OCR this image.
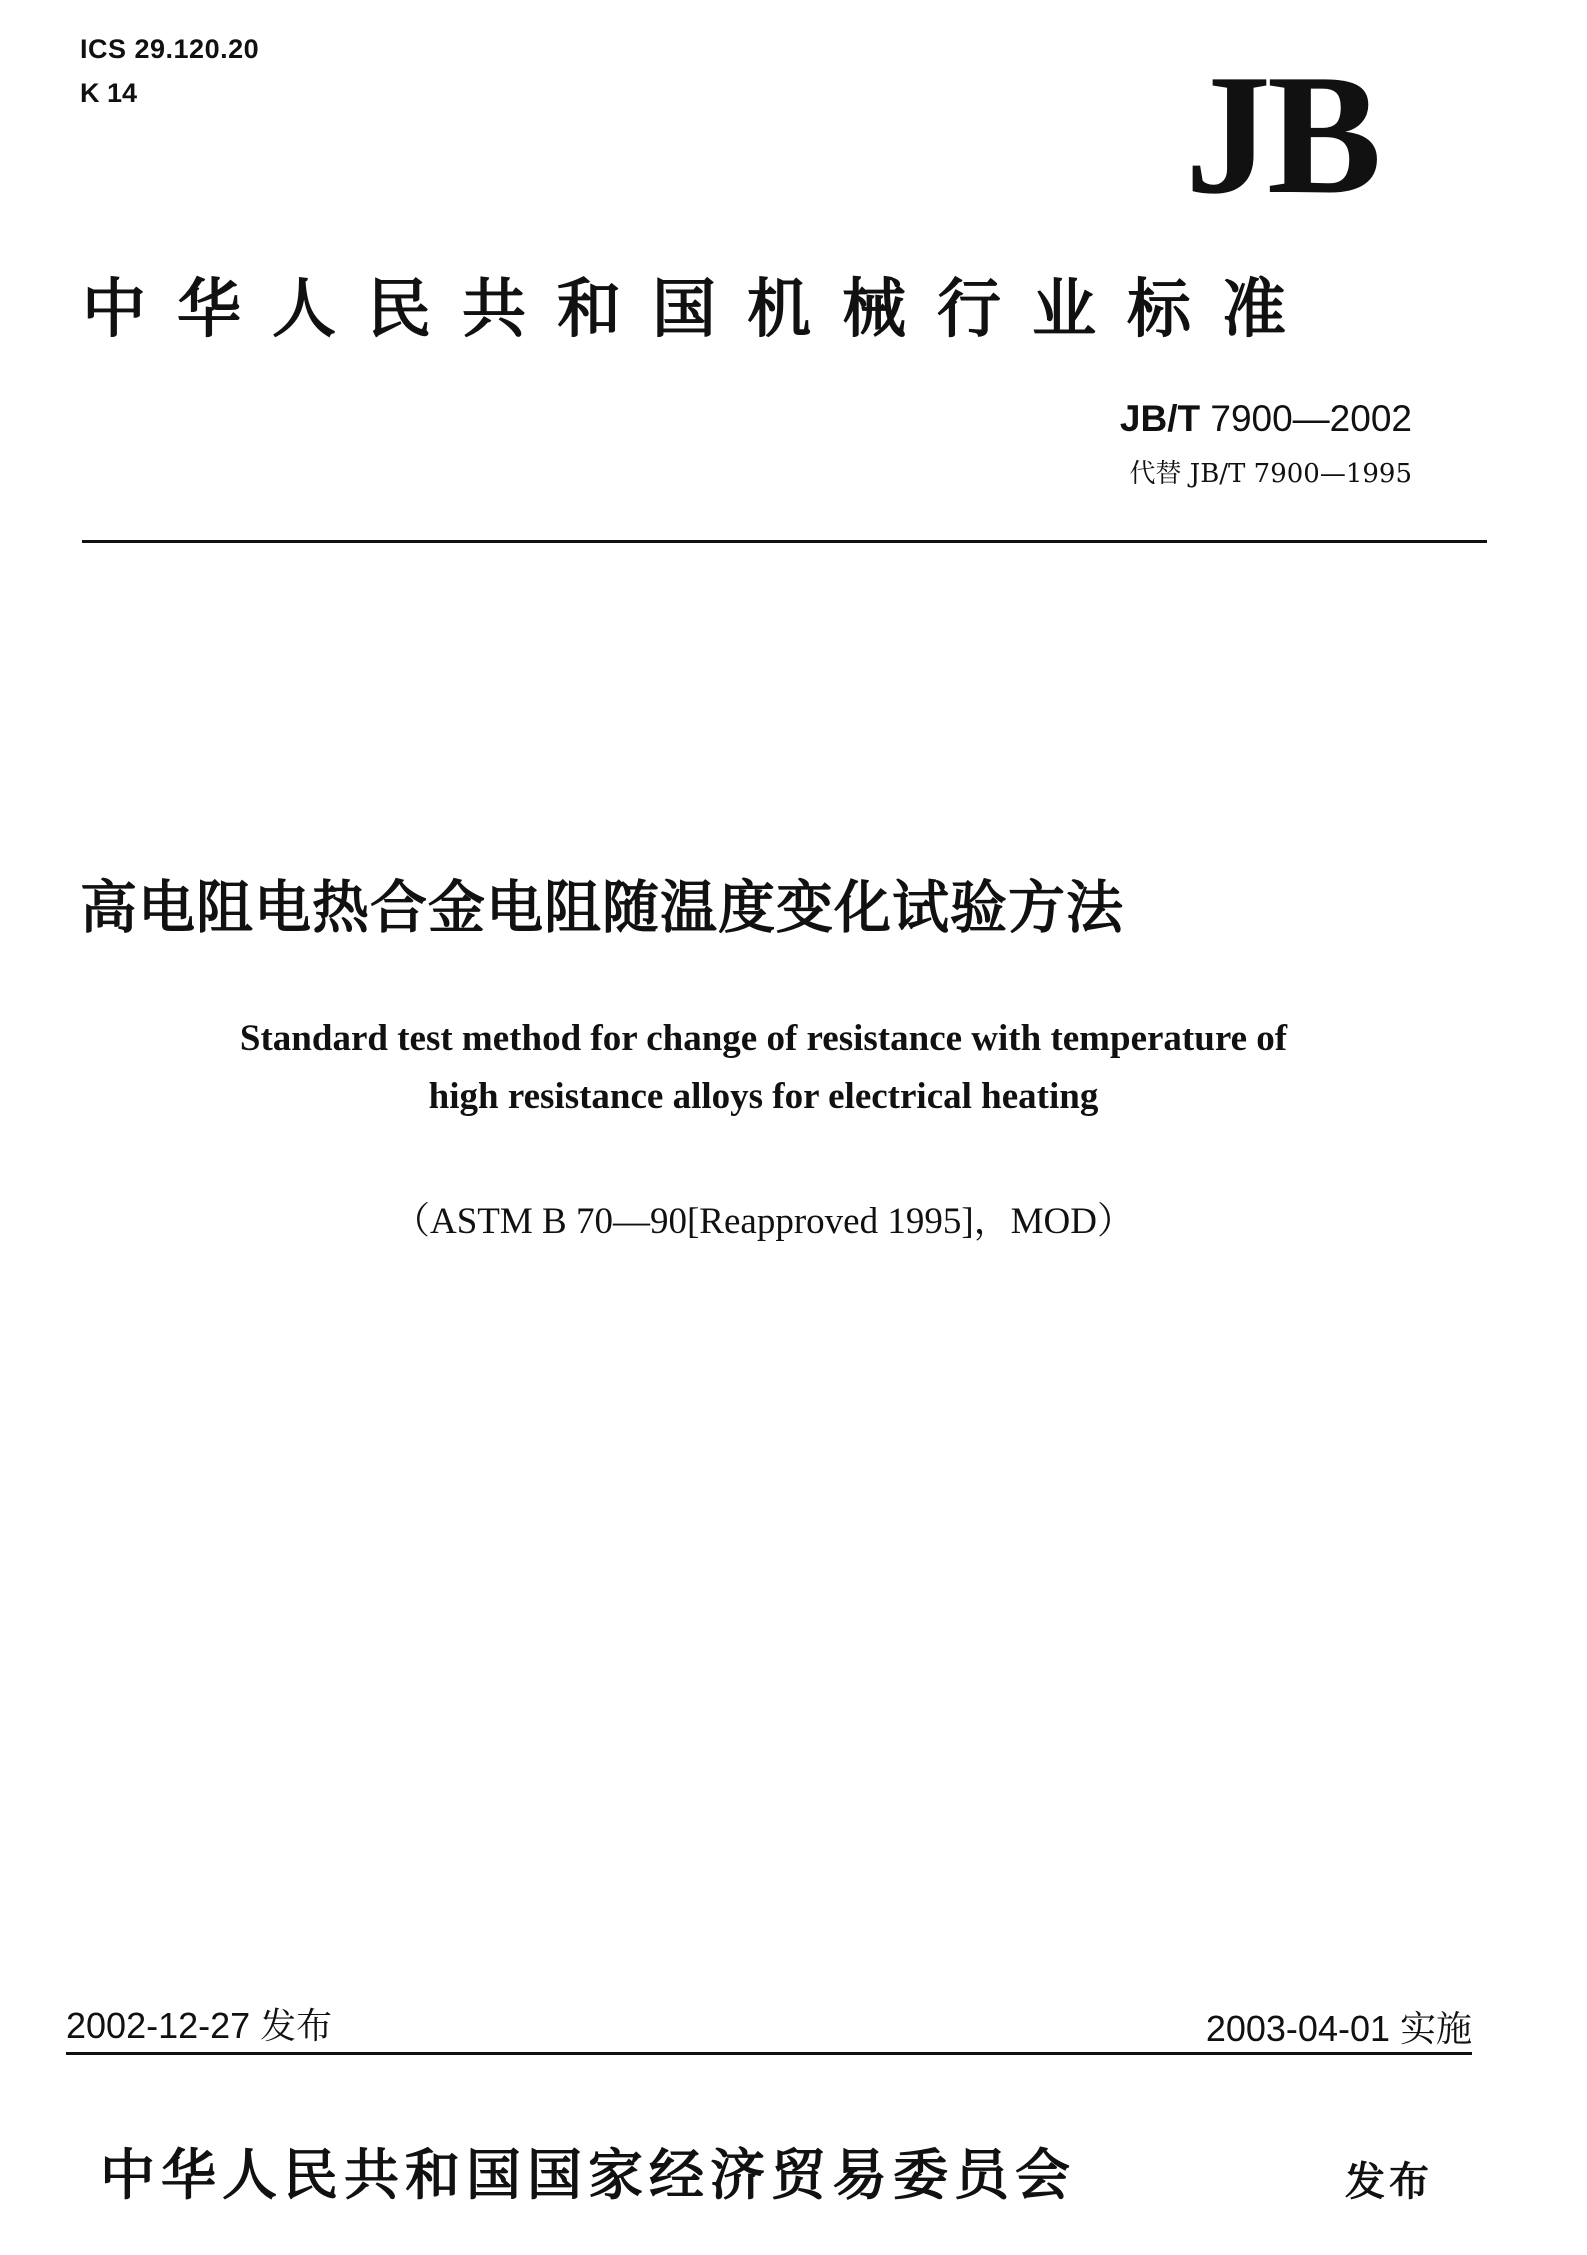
ICS 29.120.20
K 14	JB
中华人民共和国机械行业标准
JB/T 7900—2002
代替 JB/T 7900—1995
高电阻电热合金电阻随温度变化试验方法
Standard test method for change of resistance with temperature of
high resistance alloys for electrical heating
（ASTM B 70—90[Reapproved 1995]，MOD）
2002-12-27 发布	2003-04-01 实施
中华人民共和国国家经济贸易委员会	发布
